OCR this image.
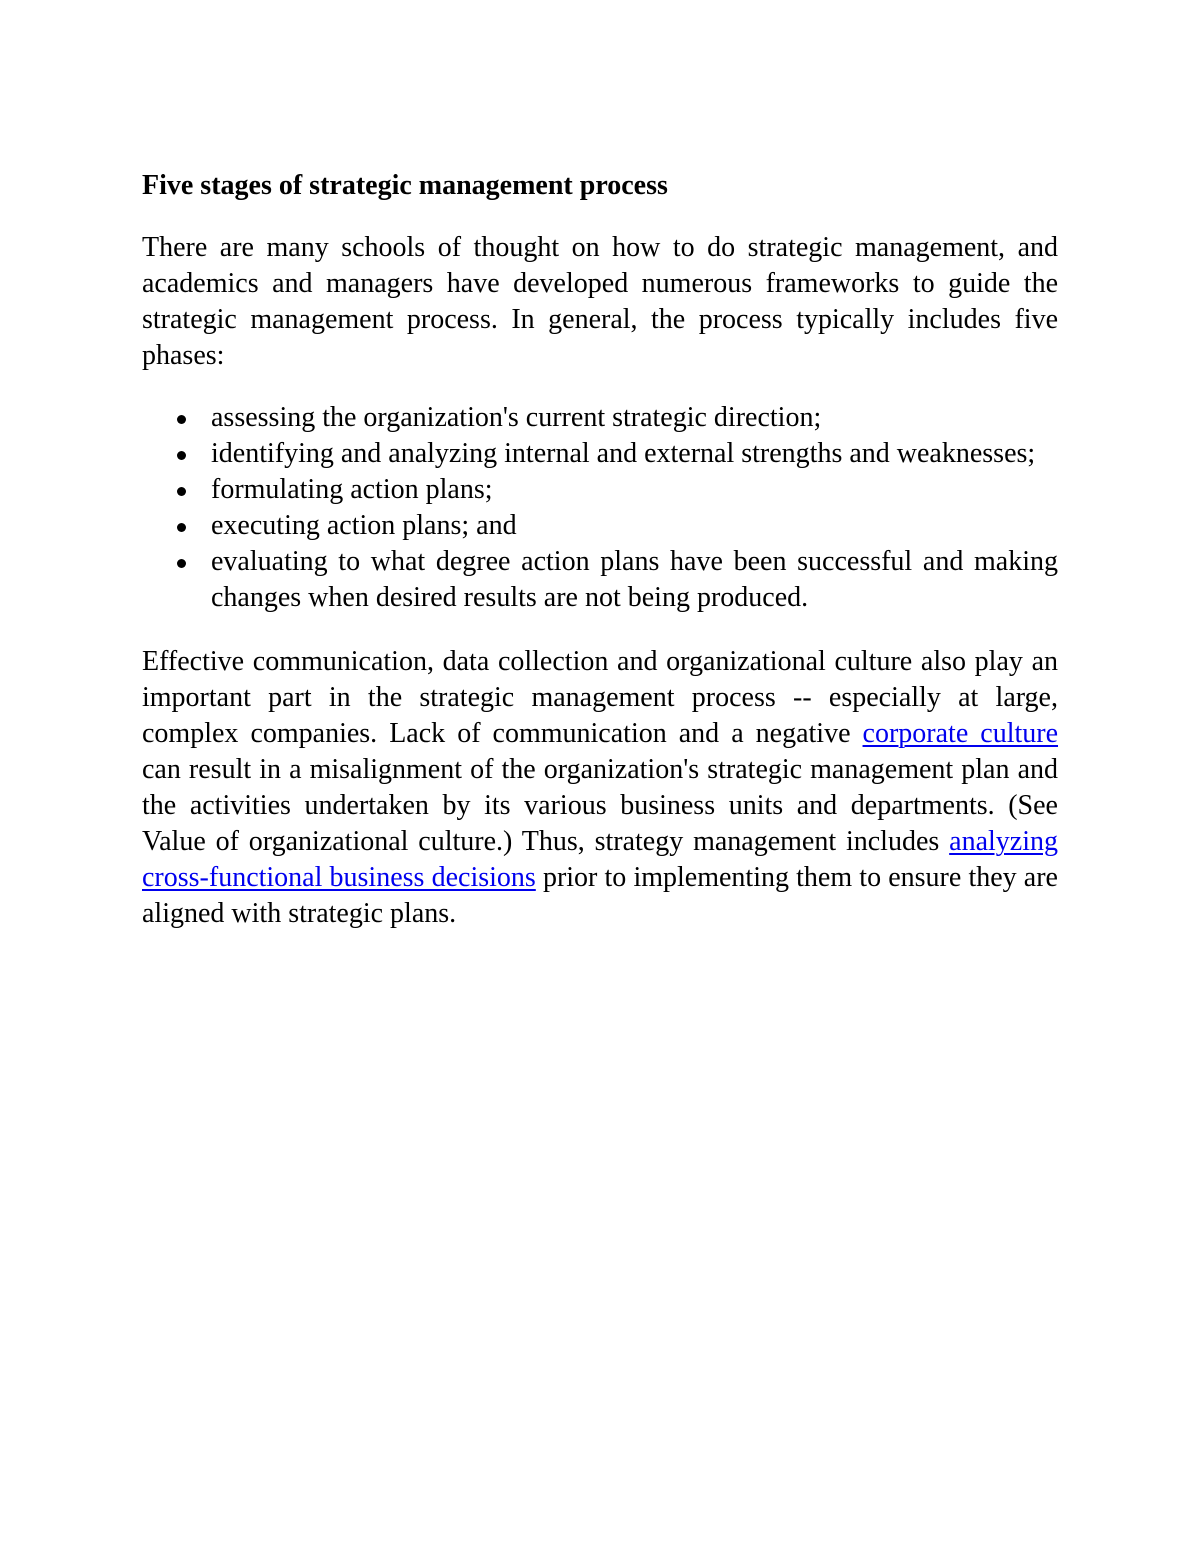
Five stages of strategic management process

There are many schools of thought on how to do strategic management, and academics and managers have developed numerous frameworks to guide the strategic management process. In general, the process typically includes five phases:

assessing the organization's current strategic direction;
identifying and analyzing internal and external strengths and weaknesses;
formulating action plans;
executing action plans; and
evaluating to what degree action plans have been successful and making changes when desired results are not being produced.

Effective communication, data collection and organizational culture also play an important part in the strategic management process -- especially at large, complex companies. Lack of communication and a negative corporate culture can result in a misalignment of the organization's strategic management plan and the activities undertaken by its various business units and departments. (See Value of organizational culture.) Thus, strategy management includes analyzing cross-functional business decisions prior to implementing them to ensure they are aligned with strategic plans.
